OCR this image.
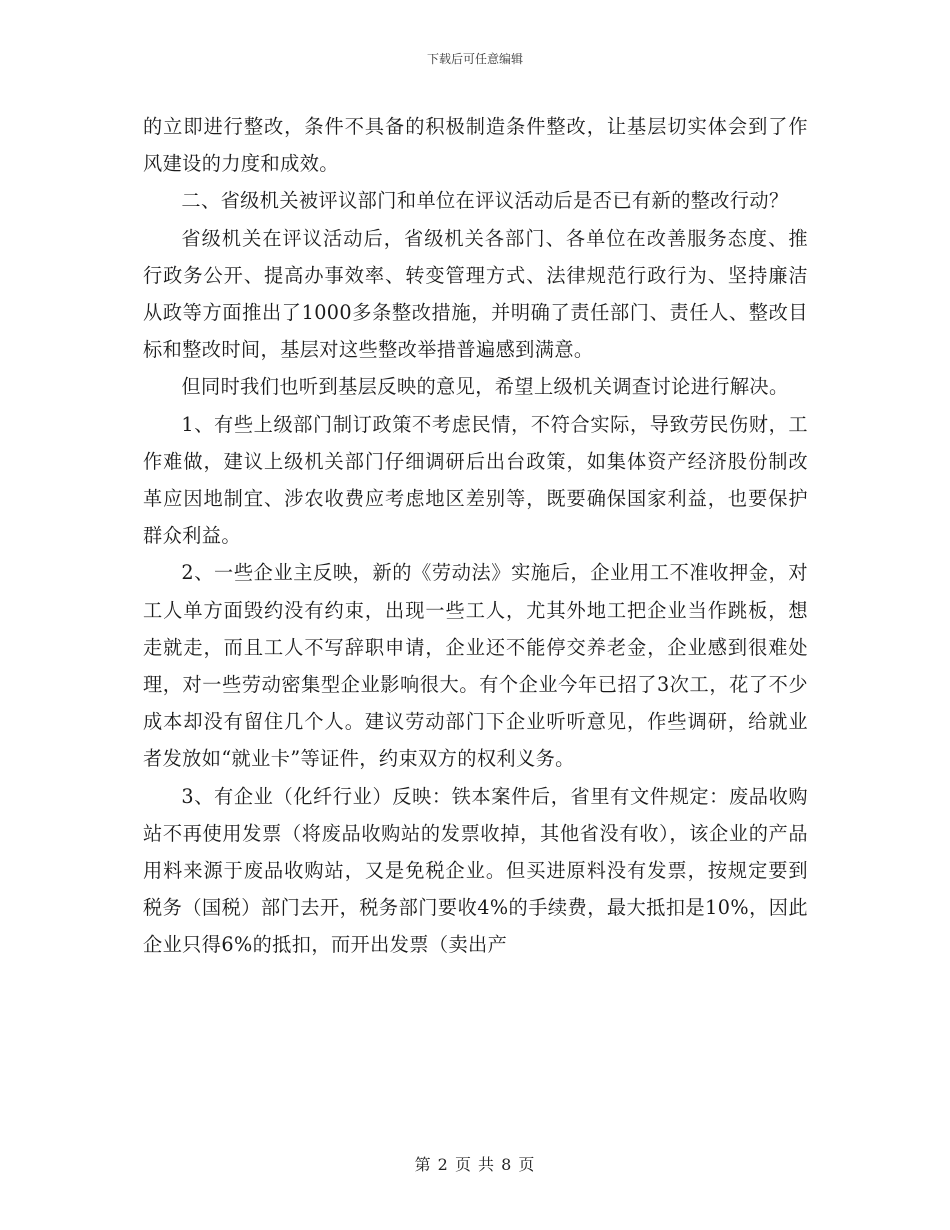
下载后可任意编辑

的立即进行整改，条件不具备的积极制造条件整改，让基层切实体会到了作风建设的力度和成效。

二、省级机关被评议部门和单位在评议活动后是否已有新的整改行动？

省级机关在评议活动后，省级机关各部门、各单位在改善服务态度、推行政务公开、提高办事效率、转变管理方式、法律规范行政行为、坚持廉洁从政等方面推出了1000多条整改措施，并明确了责任部门、责任人、整改目标和整改时间，基层对这些整改举措普遍感到满意。

但同时我们也听到基层反映的意见，希望上级机关调查讨论进行解决。

1、有些上级部门制订政策不考虑民情，不符合实际，导致劳民伤财，工作难做，建议上级机关部门仔细调研后出台政策，如集体资产经济股份制改革应因地制宜、涉农收费应考虑地区差别等，既要确保国家利益，也要保护群众利益。

2、一些企业主反映，新的《劳动法》实施后，企业用工不准收押金，对工人单方面毁约没有约束，出现一些工人，尤其外地工把企业当作跳板，想走就走，而且工人不写辞职申请，企业还不能停交养老金，企业感到很难处理，对一些劳动密集型企业影响很大。有个企业今年已招了3次工，花了不少成本却没有留住几个人。建议劳动部门下企业听听意见，作些调研，给就业者发放如“就业卡”等证件，约束双方的权利义务。

3、有企业（化纤行业）反映：铁本案件后，省里有文件规定：废品收购站不再使用发票（将废品收购站的发票收掉，其他省没有收），该企业的产品用料来源于废品收购站，又是免税企业。但买进原料没有发票，按规定要到税务（国税）部门去开，税务部门要收4%的手续费，最大抵扣是10%，因此企业只得6%的抵扣，而开出发票（卖出产

第 2 页 共 8 页
